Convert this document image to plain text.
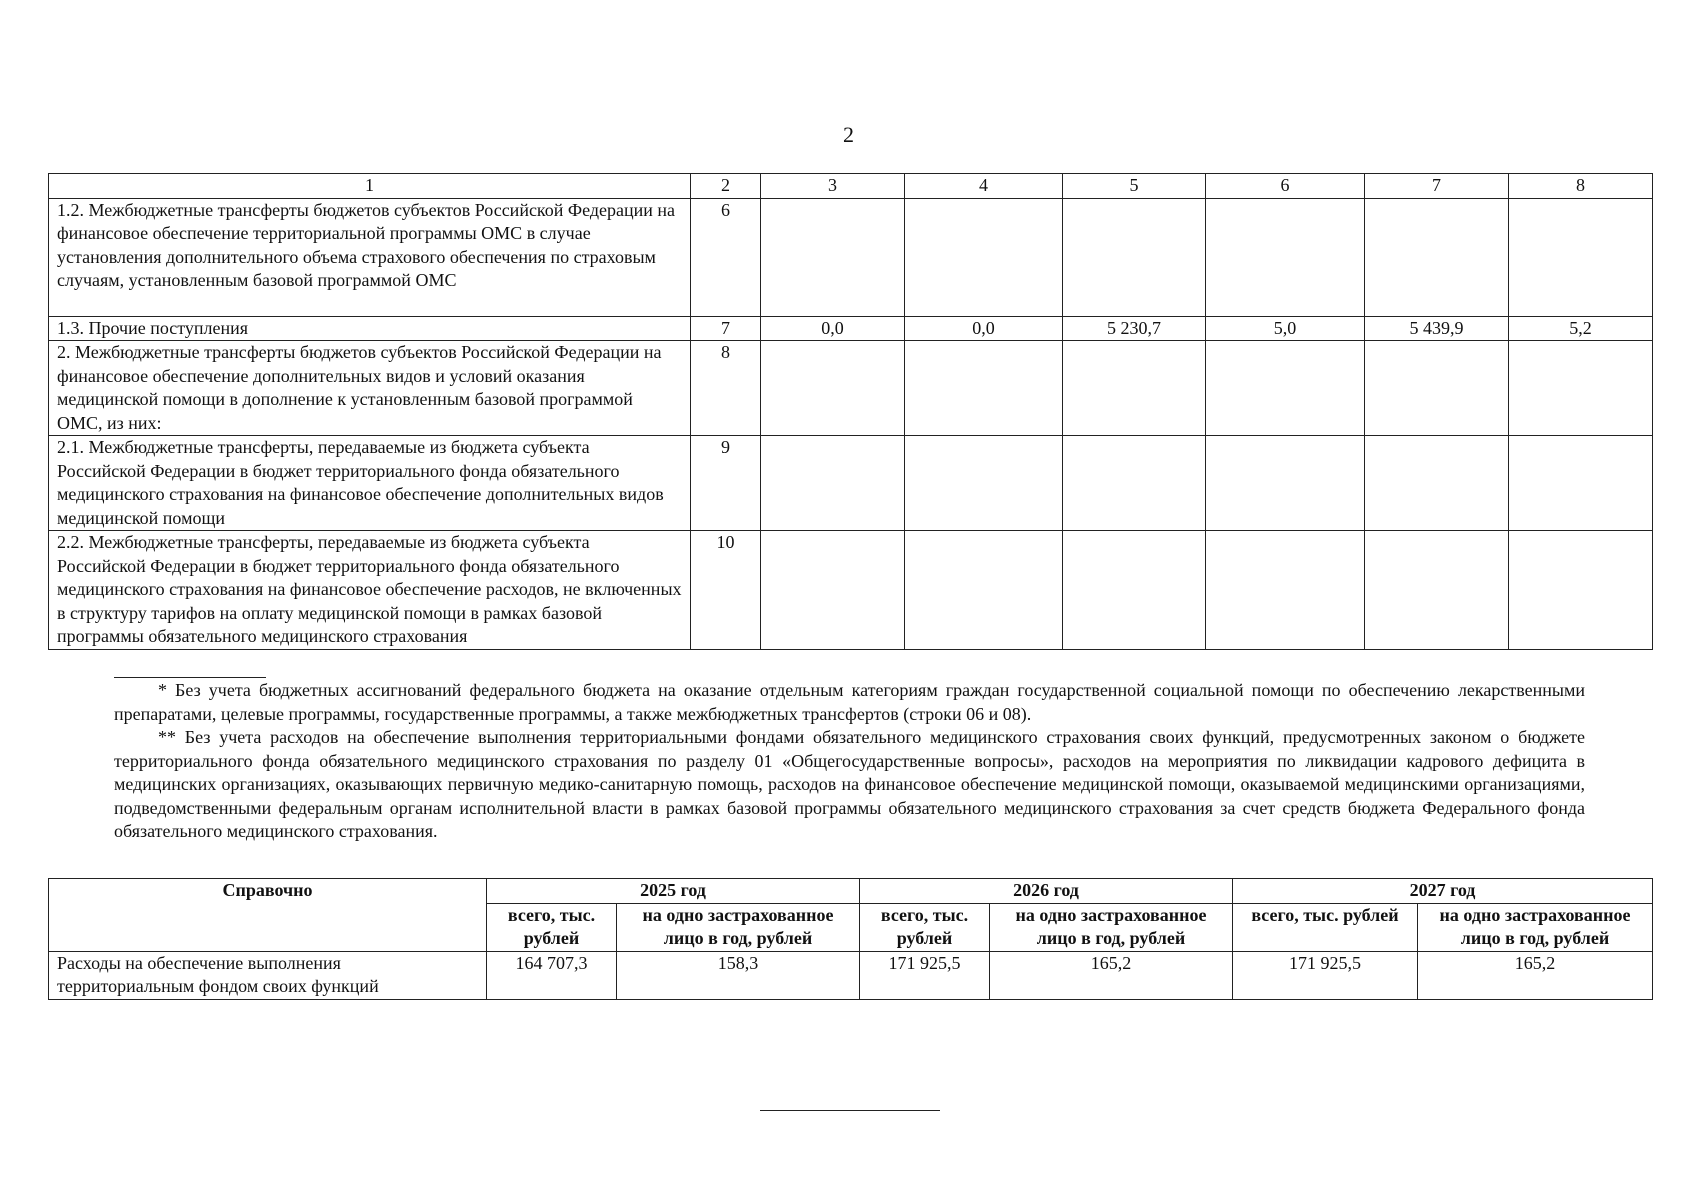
2
1	2	3	4	5	6	7	8
1.2. Межбюджетные трансферты бюджетов субъектов Российской Федерации на финансовое обеспечение территориальной программы ОМС в случае установления дополнительного объема страхового обеспечения по страховым случаям, установленным базовой программой ОМС	6						
1.3. Прочие поступления	7	0,0	0,0	5 230,7	5,0	5 439,9	5,2
2. Межбюджетные трансферты бюджетов субъектов Российской Федерации на финансовое обеспечение дополнительных видов и условий оказания медицинской помощи в дополнение к установленным базовой программой ОМС, из них:	8						
2.1. Межбюджетные трансферты, передаваемые из бюджета субъекта Российской Федерации в бюджет территориального фонда обязательного медицинского страхования на финансовое обеспечение дополнительных видов медицинской помощи	9						
2.2. Межбюджетные трансферты, передаваемые из бюджета субъекта Российской Федерации в бюджет территориального фонда обязательного медицинского страхования на финансовое обеспечение расходов, не включенных в структуру тарифов на оплату медицинской помощи в рамках базовой программы обязательного медицинского страхования	10						

* Без учета бюджетных ассигнований федерального бюджета на оказание отдельным категориям граждан государственной социальной помощи по обеспечению лекарственными препаратами, целевые программы, государственные программы, а также межбюджетных трансфертов (строки 06 и 08).

** Без учета расходов на обеспечение выполнения территориальными фондами обязательного медицинского страхования своих функций, предусмотренных законом о бюджете территориального фонда обязательного медицинского страхования по разделу 01 «Общегосударственные вопросы», расходов на мероприятия по ликвидации кадрового дефицита в медицинских организациях, оказывающих первичную медико-санитарную помощь, расходов на финансовое обеспечение медицинской помощи, оказываемой медицинскими организациями, подведомственными федеральным органам исполнительной власти в рамках базовой программы обязательного медицинского страхования за счет средств бюджета Федерального фонда обязательного медицинского страхования.

Справочно	2025 год		2026 год		2027 год	
	всего, тыс. рублей	на одно застрахованное лицо в год, рублей	всего, тыс. рублей	на одно застрахованное лицо в год, рублей	всего, тыс. рублей	на одно застрахованное лицо в год, рублей
Расходы на обеспечение выполнения территориальным фондом своих функций	164 707,3	158,3	171 925,5	165,2	171 925,5	165,2
